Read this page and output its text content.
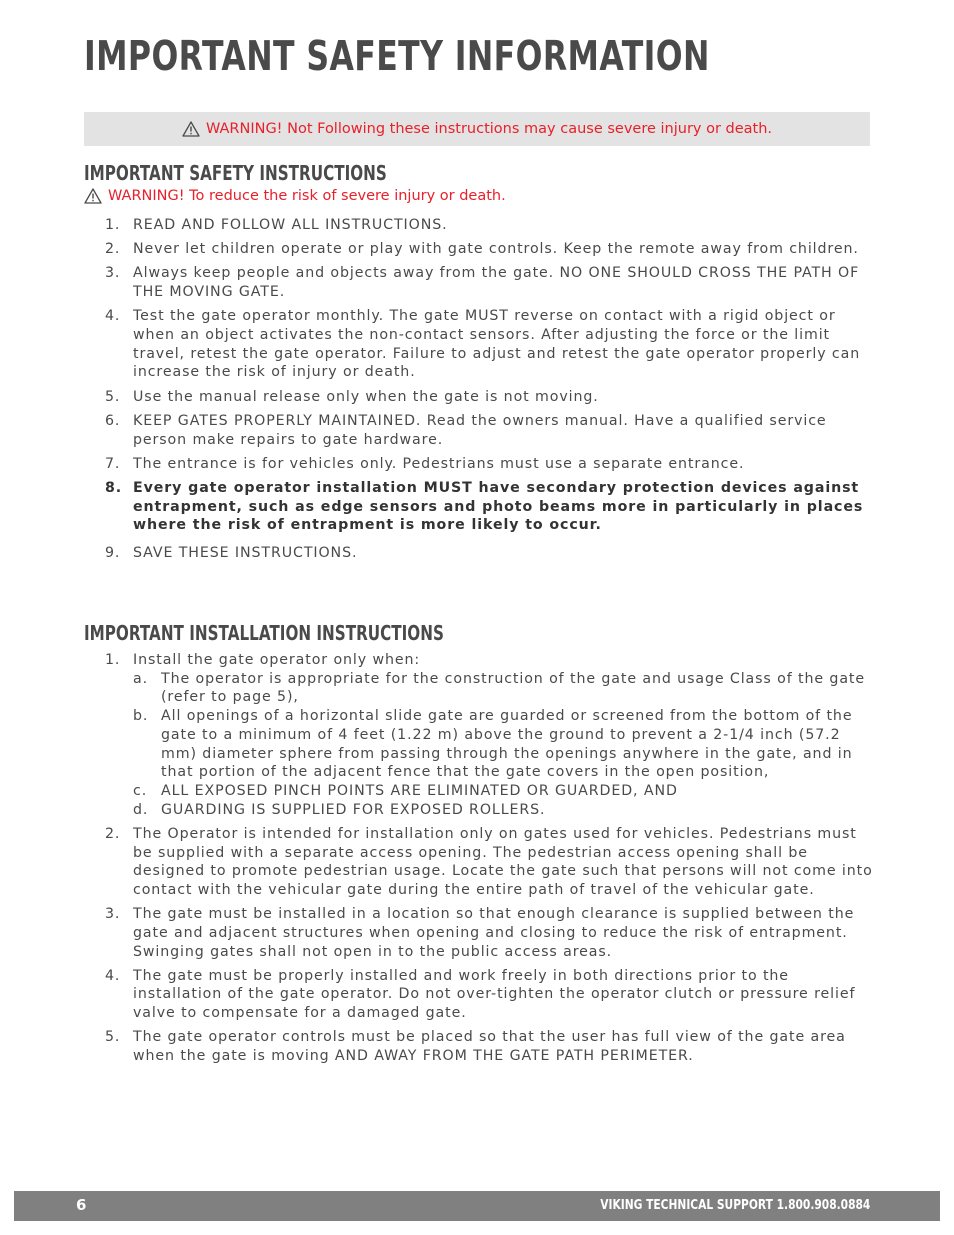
IMPORTANT SAFETY INFORMATION
WARNING! Not Following these instructions may cause severe injury or death.
IMPORTANT SAFETY INSTRUCTIONS
WARNING! To reduce the risk of severe injury or death.
1. READ AND FOLLOW ALL INSTRUCTIONS.
2. Never let children operate or play with gate controls. Keep the remote away from children.
3. Always keep people and objects away from the gate. NO ONE SHOULD CROSS THE PATH OF THE MOVING GATE.
4. Test the gate operator monthly. The gate MUST reverse on contact with a rigid object or when an object activates the non-contact sensors. After adjusting the force or the limit travel, retest the gate operator. Failure to adjust and retest the gate operator properly can increase the risk of injury or death.
5. Use the manual release only when the gate is not moving.
6. KEEP GATES PROPERLY MAINTAINED. Read the owners manual. Have a qualified service person make repairs to gate hardware.
7. The entrance is for vehicles only. Pedestrians must use a separate entrance.
8. Every gate operator installation MUST have secondary protection devices against entrapment, such as edge sensors and photo beams more in particularly in places where the risk of entrapment is more likely to occur.
9. SAVE THESE INSTRUCTIONS.
IMPORTANT INSTALLATION INSTRUCTIONS
1. Install the gate operator only when:
a. The operator is appropriate for the construction of the gate and usage Class of the gate (refer to page 5),
b. All openings of a horizontal slide gate are guarded or screened from the bottom of the gate to a minimum of 4 feet (1.22 m) above the ground to prevent a 2-1/4 inch (57.2 mm) diameter sphere from passing through the openings anywhere in the gate, and in that portion of the adjacent fence that the gate covers in the open position,
c. ALL EXPOSED PINCH POINTS ARE ELIMINATED OR GUARDED, AND
d. GUARDING IS SUPPLIED FOR EXPOSED ROLLERS.
2. The Operator is intended for installation only on gates used for vehicles. Pedestrians must be supplied with a separate access opening. The pedestrian access opening shall be designed to promote pedestrian usage. Locate the gate such that persons will not come into contact with the vehicular gate during the entire path of travel of the vehicular gate.
3. The gate must be installed in a location so that enough clearance is supplied between the gate and adjacent structures when opening and closing to reduce the risk of entrapment. Swinging gates shall not open in to the public access areas.
4. The gate must be properly installed and work freely in both directions prior to the installation of the gate operator. Do not over-tighten the operator clutch or pressure relief valve to compensate for a damaged gate.
5. The gate operator controls must be placed so that the user has full view of the gate area when the gate is moving AND AWAY FROM THE GATE PATH PERIMETER.
6	VIKING TECHNICAL SUPPORT 1.800.908.0884
